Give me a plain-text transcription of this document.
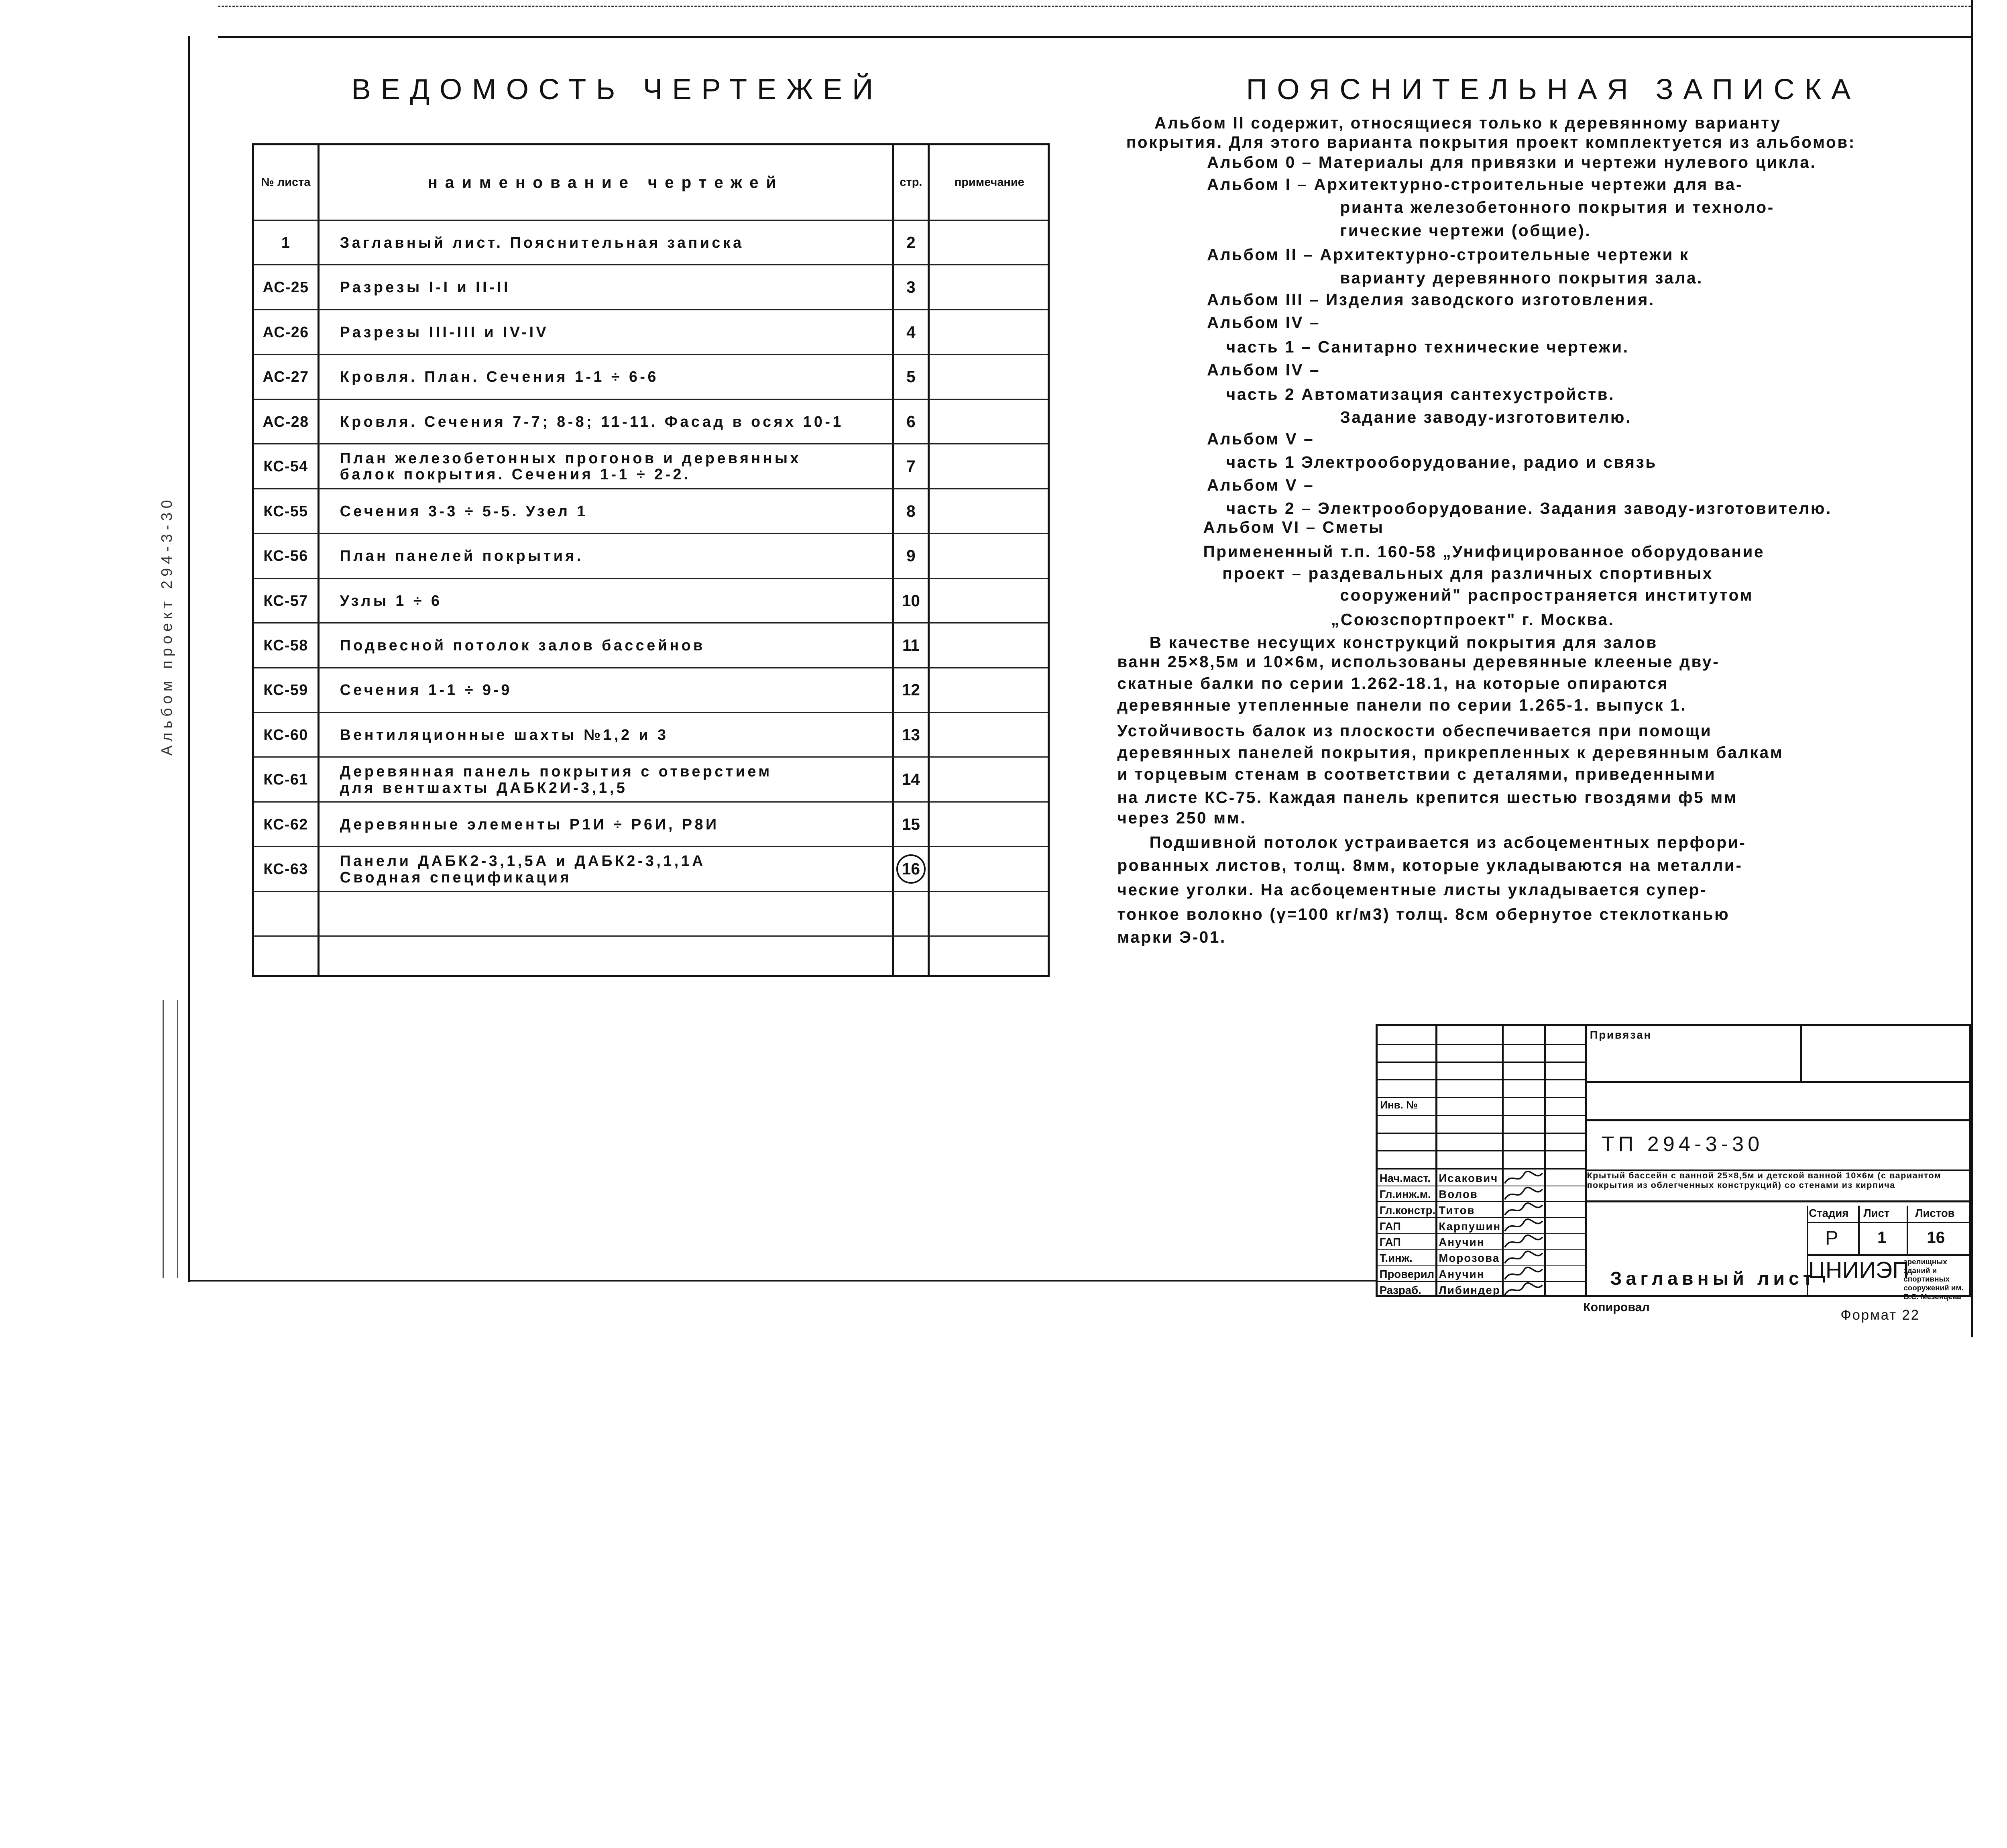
Альбом проект 294-3-30
ВЕДОМОСТЬ ЧЕРТЕЖЕЙ
№ листа	наименование чертежей	стр.	примечание
1	Заглавный лист. Пояснительная записка	2
АС-25	Разрезы I-I и II-II	3
АС-26	Разрезы III-III и IV-IV	4
АС-27	Кровля. План. Сечения 1-1 ÷ 6-6	5
АС-28	Кровля. Сечения 7-7; 8-8; 11-11. Фасад в осях 10-1	6
КС-54	План железобетонных прогонов и деревянных
балок покрытия. Сечения 1-1 ÷ 2-2.	7
КС-55	Сечения 3-3 ÷ 5-5. Узел 1	8
КС-56	План панелей покрытия.	9
КС-57	Узлы 1 ÷ 6	10
КС-58	Подвесной потолок залов бассейнов	11
КС-59	Сечения 1-1 ÷ 9-9	12
КС-60	Вентиляционные шахты №1,2 и 3	13
КС-61	Деревянная панель покрытия с отверстием
для вентшахты ДАБК2И-3,1,5	14
КС-62	Деревянные элементы Р1И ÷ Р6И, Р8И	15
КС-63	Панели ДАБК2-3,1,5А и ДАБК2-3,1,1А
Сводная спецификация	16
ПОЯСНИТЕЛЬНАЯ ЗАПИСКА
Альбом II содержит, относящиеся только к деревянному варианту
покрытия. Для этого варианта покрытия проект комплектуется из альбомов:
Альбом 0 – Материалы для привязки и чертежи нулевого цикла.
Альбом I – Архитектурно-строительные чертежи для ва-
рианта железобетонного покрытия и техноло-
гические чертежи (общие).
Альбом II – Архитектурно-строительные чертежи к
варианту деревянного покрытия зала.
Альбом III – Изделия заводского изготовления.
Альбом IV –
часть 1 – Санитарно технические чертежи.
Альбом IV –
часть 2 Автоматизация сантехустройств.
Задание заводу-изготовителю.
Альбом V –
часть 1 Электрооборудование, радио и связь
Альбом V –
часть 2 – Электрооборудование. Задания заводу-изготовителю.
Альбом VI – Сметы
Примененный т.п. 160-58 „Унифицированное оборудование
проект – раздевальных для различных спортивных
сооружений" распространяется институтом
„Союзспортпроект" г. Москва.
В качестве несущих конструкций покрытия для залов
ванн 25×8,5м и 10×6м, использованы деревянные клееные дву-
скатные балки по серии 1.262-18.1, на которые опираются
деревянные утепленные панели по серии 1.265-1. выпуск 1.
Устойчивость балок из плоскости обеспечивается при помощи
деревянных панелей покрытия, прикрепленных к деревянным балкам
и торцевым стенам в соответствии с деталями, приведенными
на листе КС-75. Каждая панель крепится шестью гвоздями ф5 мм
через 250 мм.
Подшивной потолок устраивается из асбоцементных перфори-
рованных листов, толщ. 8мм, которые укладываются на металли-
ческие уголки. На асбоцементные листы укладывается супер-
тонкое волокно (γ=100 кг/м3) толщ. 8см обернутое стеклотканью
марки Э-01.
Нач.маст. Исакович
Гл.инж.м. Волов
Гл.констр. Титов
ГАП	Карпушин
ГАП	Анучин
Т.инж. Морозова
Проверил Анучин
Разраб. Либиндер
Привязан
Инв. №
ТП 294-3-30
Крытый бассейн с ванной 25×8,5м и детской ванной 10×6м (с вариантом покрытия из облегченных конструкций) со стенами из кирпича
Стадия Лист Листов
Р 1 16
Заглавный лист
ЦНИИЭП
зрелищных зданий и спортивных сооружений им. Б.С. Мезенцева
Копировал
Формат 22
